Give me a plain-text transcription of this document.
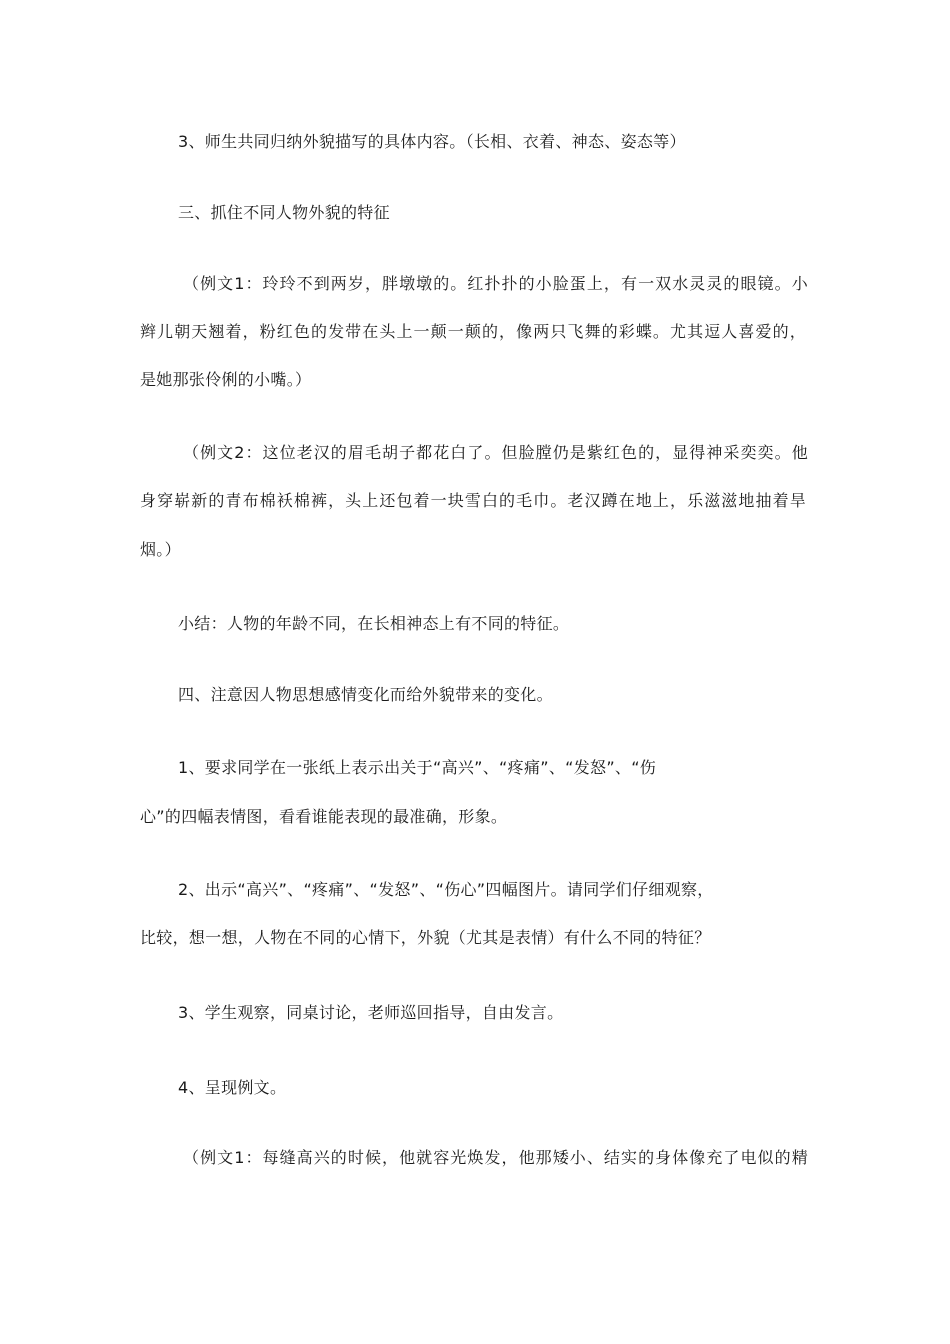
3、师生共同归纳外貌描写的具体内容。（长相、衣着、神态、姿态等）
三、抓住不同人物外貌的特征
（例文1：玲玲不到两岁，胖墩墩的。红扑扑的小脸蛋上，有一双水灵灵的眼镜。小
辫儿朝天翘着，粉红色的发带在头上一颠一颠的，像两只飞舞的彩蝶。尤其逗人喜爱的，
是她那张伶俐的小嘴。）
（例文2：这位老汉的眉毛胡子都花白了。但脸膛仍是紫红色的，显得神采奕奕。他
身穿崭新的青布棉袄棉裤，头上还包着一块雪白的毛巾。老汉蹲在地上，乐滋滋地抽着旱
烟。）
小结：人物的年龄不同，在长相神态上有不同的特征。
四、注意因人物思想感情变化而给外貌带来的变化。
1、要求同学在一张纸上表示出关于“高兴”、“疼痛”、“发怒”、“伤
心”的四幅表情图，看看谁能表现的最准确，形象。
2、出示“高兴”、“疼痛”、“发怒”、“伤心”四幅图片。请同学们仔细观察，
比较，想一想，人物在不同的心情下，外貌（尤其是表情）有什么不同的特征？
3、学生观察，同桌讨论，老师巡回指导，自由发言。
4、呈现例文。
（例文1：每缝高兴的时候，他就容光焕发，他那矮小、结实的身体像充了电似的精
